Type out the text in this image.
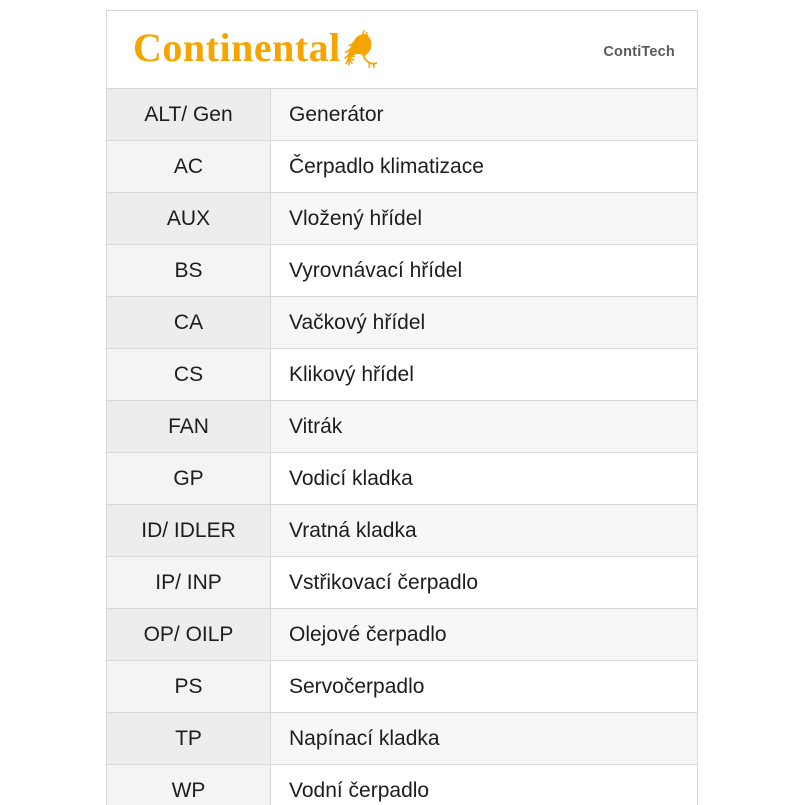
Continental	ContiTech
ALT/ Gen	Generátor
AC	Čerpadlo klimatizace
AUX	Vložený hřídel
BS	Vyrovnávací hřídel
CA	Vačkový hřídel
CS	Klikový hřídel
FAN	Vitrák
GP	Vodicí kladka
ID/ IDLER	Vratná kladka
IP/ INP	Vstřikovací čerpadlo
OP/ OILP	Olejové čerpadlo
PS	Servočerpadlo
TP	Napínací kladka
WP	Vodní čerpadlo
